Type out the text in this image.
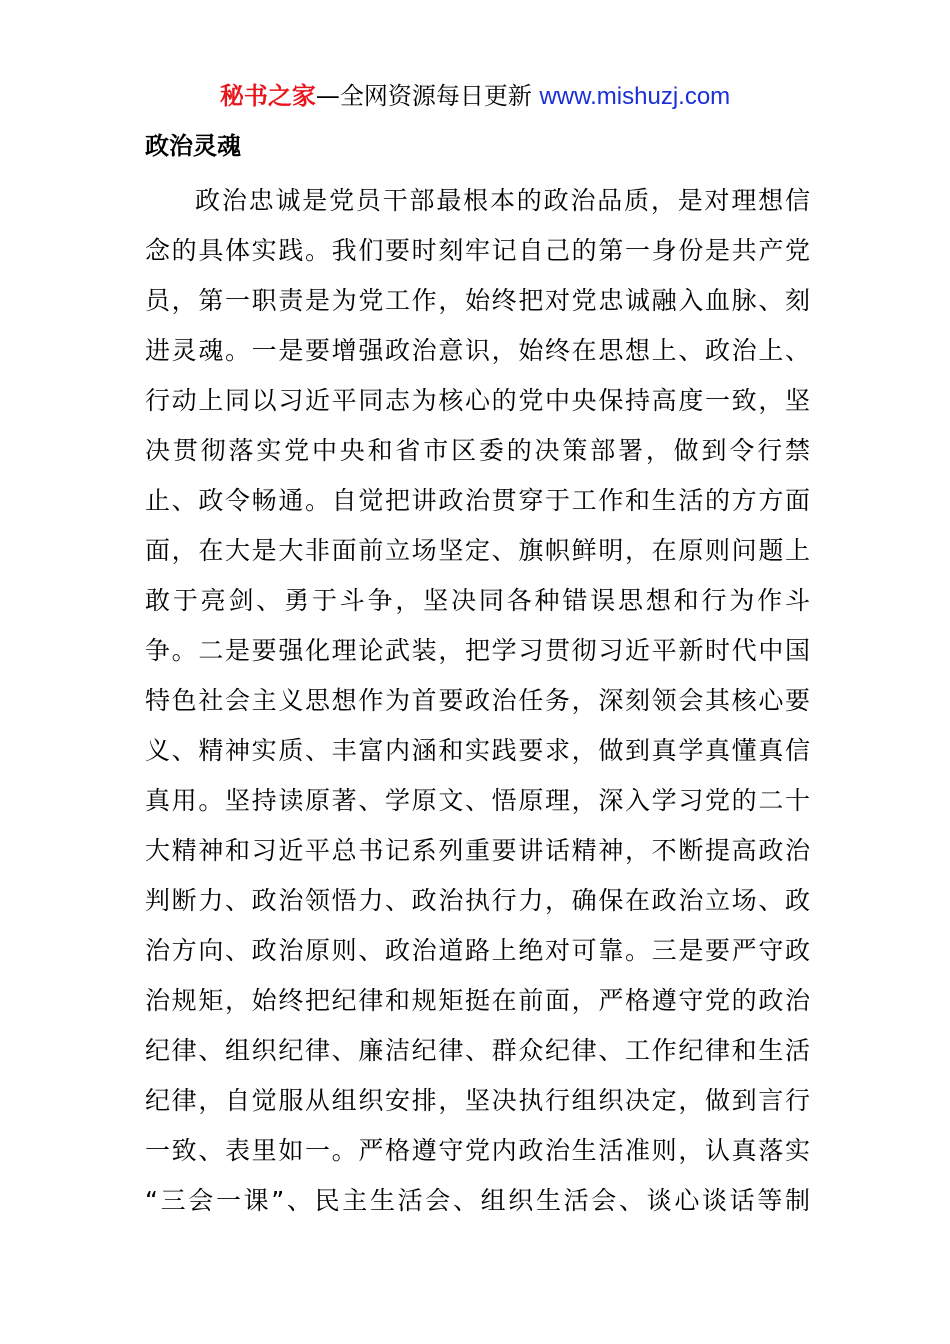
秘书之家—全网资源每日更新 www.mishuzj.com
政治灵魂
政治忠诚是党员干部最根本的政治品质，是对理想信
念的具体实践。我们要时刻牢记自己的第一身份是共产党
员，第一职责是为党工作，始终把对党忠诚融入血脉、刻
进灵魂。一是要增强政治意识，始终在思想上、政治上、
行动上同以习近平同志为核心的党中央保持高度一致，坚
决贯彻落实党中央和省市区委的决策部署，做到令行禁
止、政令畅通。自觉把讲政治贯穿于工作和生活的方方面
面，在大是大非面前立场坚定、旗帜鲜明，在原则问题上
敢于亮剑、勇于斗争，坚决同各种错误思想和行为作斗
争。二是要强化理论武装，把学习贯彻习近平新时代中国
特色社会主义思想作为首要政治任务，深刻领会其核心要
义、精神实质、丰富内涵和实践要求，做到真学真懂真信
真用。坚持读原著、学原文、悟原理，深入学习党的二十
大精神和习近平总书记系列重要讲话精神，不断提高政治
判断力、政治领悟力、政治执行力，确保在政治立场、政
治方向、政治原则、政治道路上绝对可靠。三是要严守政
治规矩，始终把纪律和规矩挺在前面，严格遵守党的政治
纪律、组织纪律、廉洁纪律、群众纪律、工作纪律和生活
纪律，自觉服从组织安排，坚决执行组织决定，做到言行
一致、表里如一。严格遵守党内政治生活准则，认真落实
“三会一课”、民主生活会、组织生活会、谈心谈话等制
